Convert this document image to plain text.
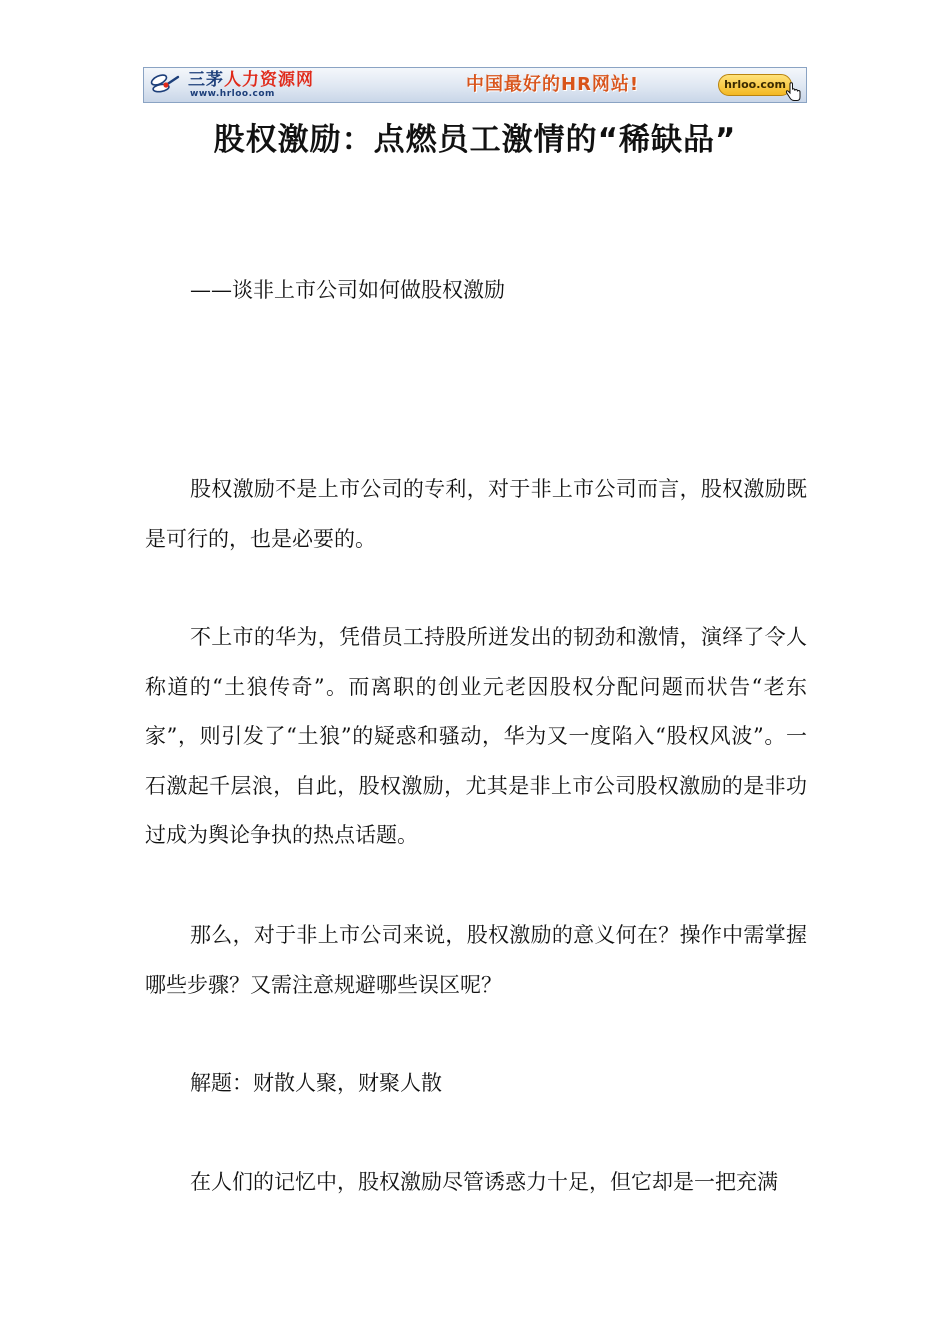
三茅人力资源网
www.hrloo.com	中国最好的HR网站!	hrloo.com
股权激励：点燃员工激情的“稀缺品”

——谈非上市公司如何做股权激励

股权激励不是上市公司的专利，对于非上市公司而言，股权激励既是可行的，也是必要的。

不上市的华为，凭借员工持股所迸发出的韧劲和激情，演绎了令人称道的“土狼传奇”。而离职的创业元老因股权分配问题而状告“老东家”，则引发了“土狼”的疑惑和骚动，华为又一度陷入“股权风波”。一石激起千层浪，自此，股权激励，尤其是非上市公司股权激励的是非功过成为舆论争执的热点话题。

那么，对于非上市公司来说，股权激励的意义何在？操作中需掌握哪些步骤？又需注意规避哪些误区呢？

解题：财散人聚，财聚人散

在人们的记忆中，股权激励尽管诱惑力十足，但它却是一把充满
